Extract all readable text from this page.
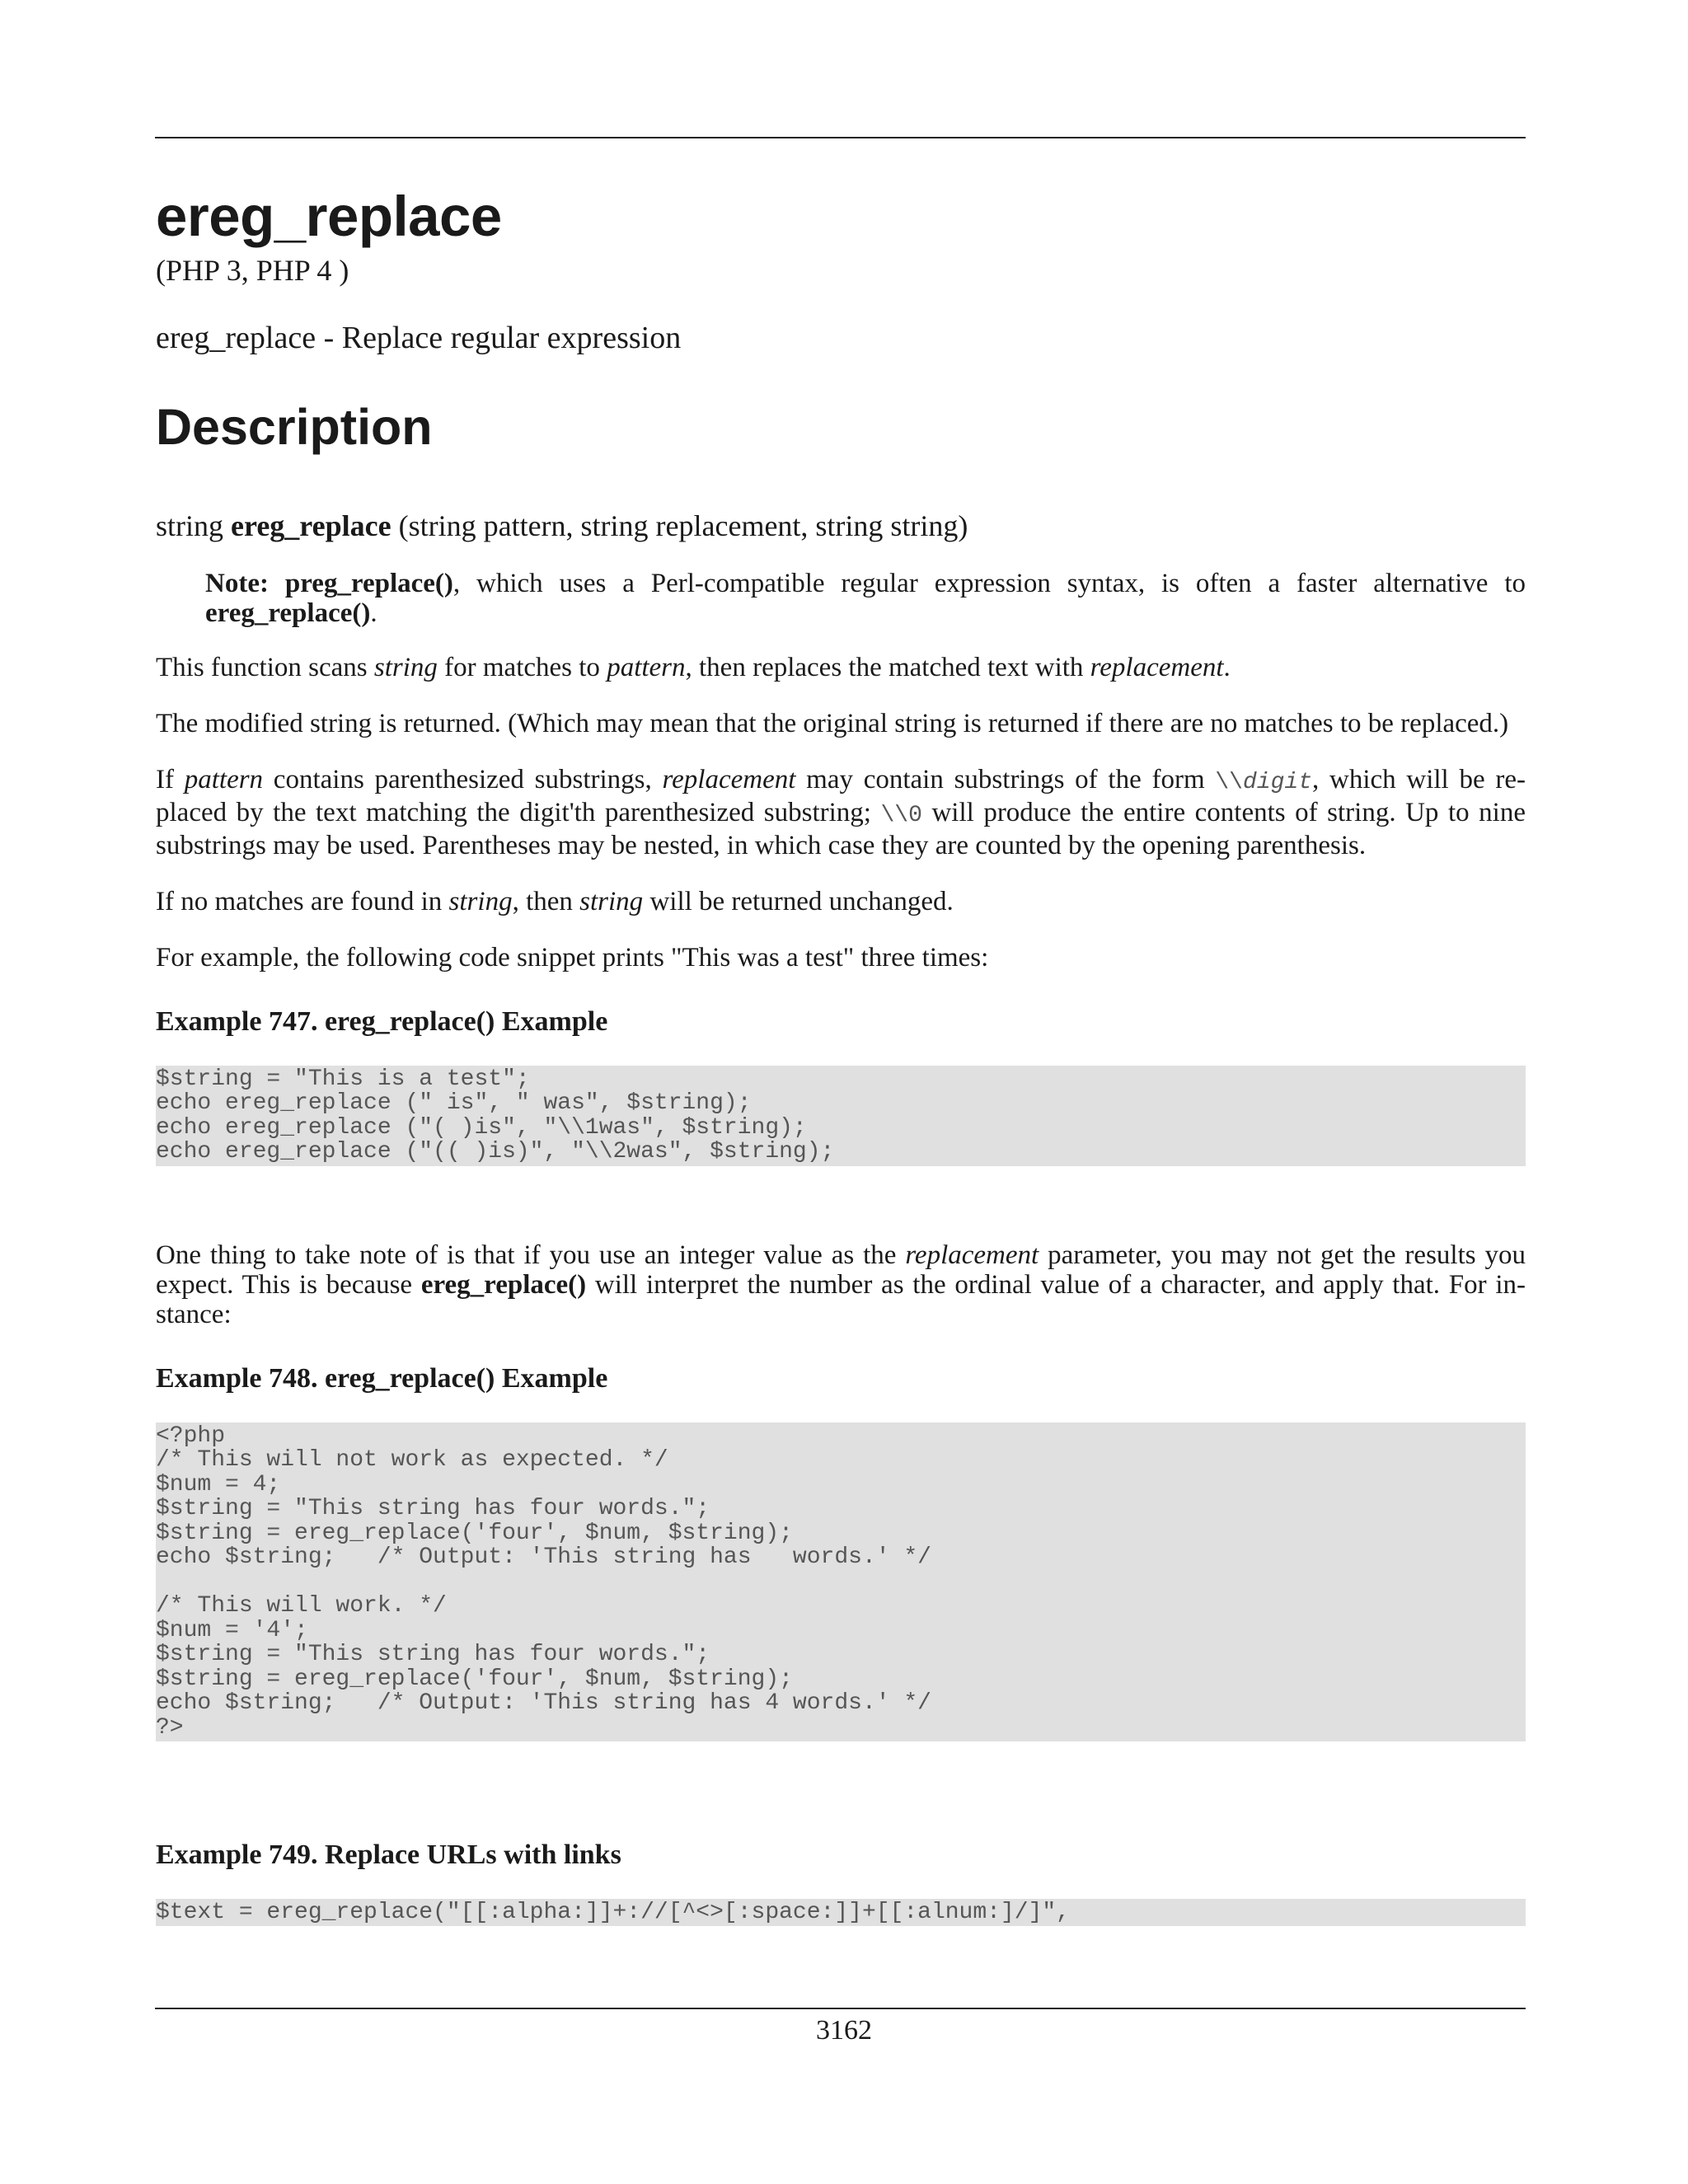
ereg_replace
(PHP 3, PHP 4 )
ereg_replace - Replace regular expression
Description
string ereg_replace (string pattern, string replacement, string string)
Note: preg_replace(), which uses a Perl-compatible regular expression syntax, is often a faster alternative to ereg_replace().

This function scans string for matches to pattern, then replaces the matched text with replacement.

The modified string is returned. (Which may mean that the original string is returned if there are no matches to be replaced.)

If pattern contains parenthesized substrings, replacement may contain substrings of the form \\digit, which will be re-placed by the text matching the digit'th parenthesized substring; \\0 will produce the entire contents of string. Up to nine substrings may be used. Parentheses may be nested, in which case they are counted by the opening parenthesis.

If no matches are found in string, then string will be returned unchanged.

For example, the following code snippet prints "This was a test" three times:

Example 747. ereg_replace() Example
$string = "This is a test";
echo ereg_replace (" is", " was", $string);
echo ereg_replace ("( )is", "\\1was", $string);
echo ereg_replace ("(( )is)", "\\2was", $string);

One thing to take note of is that if you use an integer value as the replacement parameter, you may not get the results you expect. This is because ereg_replace() will interpret the number as the ordinal value of a character, and apply that. For in-stance:

Example 748. ereg_replace() Example
<?php
/* This will not work as expected. */
$num = 4;
$string = "This string has four words.";
$string = ereg_replace('four', $num, $string);
echo $string;   /* Output: 'This string has   words.' */

/* This will work. */
$num = '4';
$string = "This string has four words.";
$string = ereg_replace('four', $num, $string);
echo $string;   /* Output: 'This string has 4 words.' */
?>
Example 749. Replace URLs with links
$text = ereg_replace("[[:alpha:]]+://[^<>[:space:]]+[[:alnum:]/]",
3162
